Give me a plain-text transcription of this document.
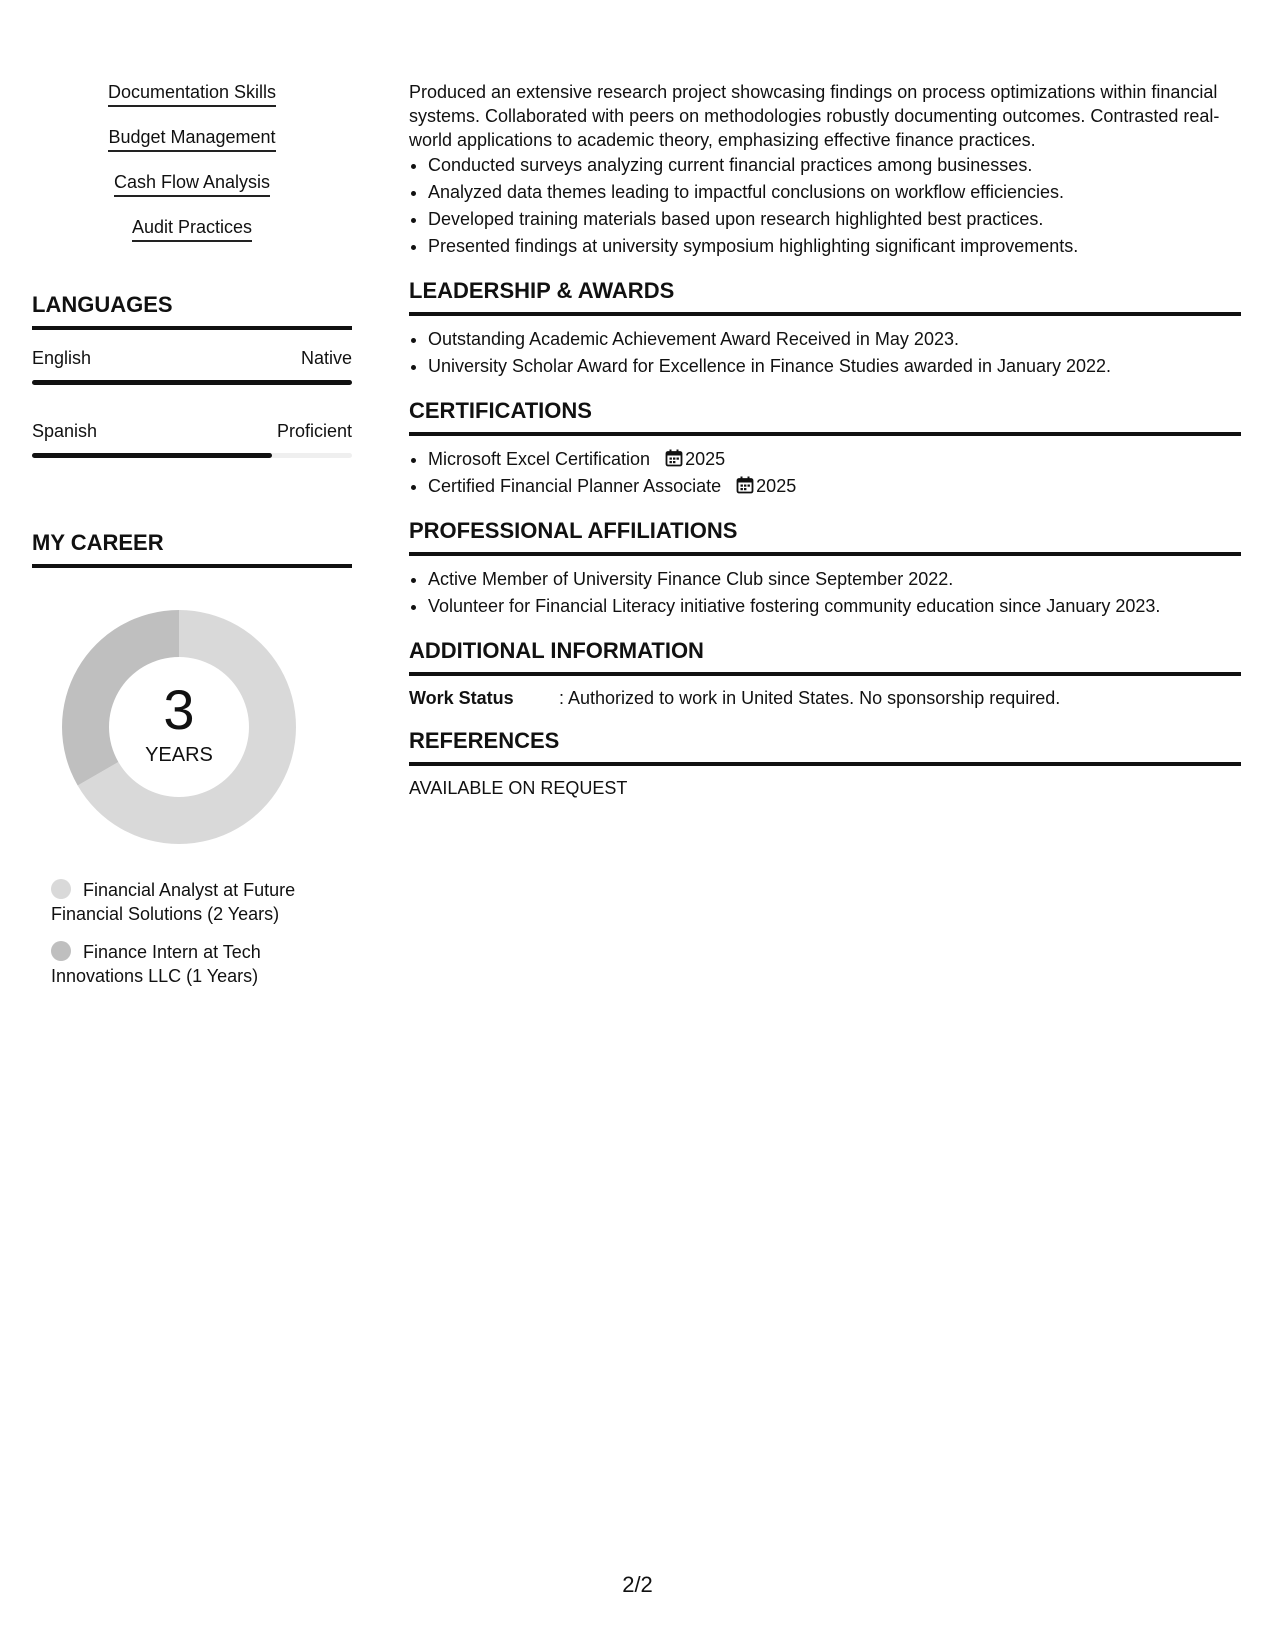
Documentation Skills
Budget Management
Cash Flow Analysis
Audit Practices
LANGUAGES
English	Native
Spanish	Proficient
MY CAREER
3
YEARS
Financial Analyst at Future Financial Solutions (2 Years)
Finance Intern at Tech Innovations LLC (1 Years)
Produced an extensive research project showcasing findings on process optimizations within financial systems. Collaborated with peers on methodologies robustly documenting outcomes. Contrasted real-world applications to academic theory, emphasizing effective finance practices.
• Conducted surveys analyzing current financial practices among businesses.
• Analyzed data themes leading to impactful conclusions on workflow efficiencies.
• Developed training materials based upon research highlighted best practices.
• Presented findings at university symposium highlighting significant improvements.
LEADERSHIP & AWARDS
• Outstanding Academic Achievement Award Received in May 2023.
• University Scholar Award for Excellence in Finance Studies awarded in January 2022.
CERTIFICATIONS
• Microsoft Excel Certification 2025
• Certified Financial Planner Associate 2025
PROFESSIONAL AFFILIATIONS
• Active Member of University Finance Club since September 2022.
• Volunteer for Financial Literacy initiative fostering community education since January 2023.
ADDITIONAL INFORMATION
Work Status	: Authorized to work in United States. No sponsorship required.
REFERENCES
AVAILABLE ON REQUEST
2/2
